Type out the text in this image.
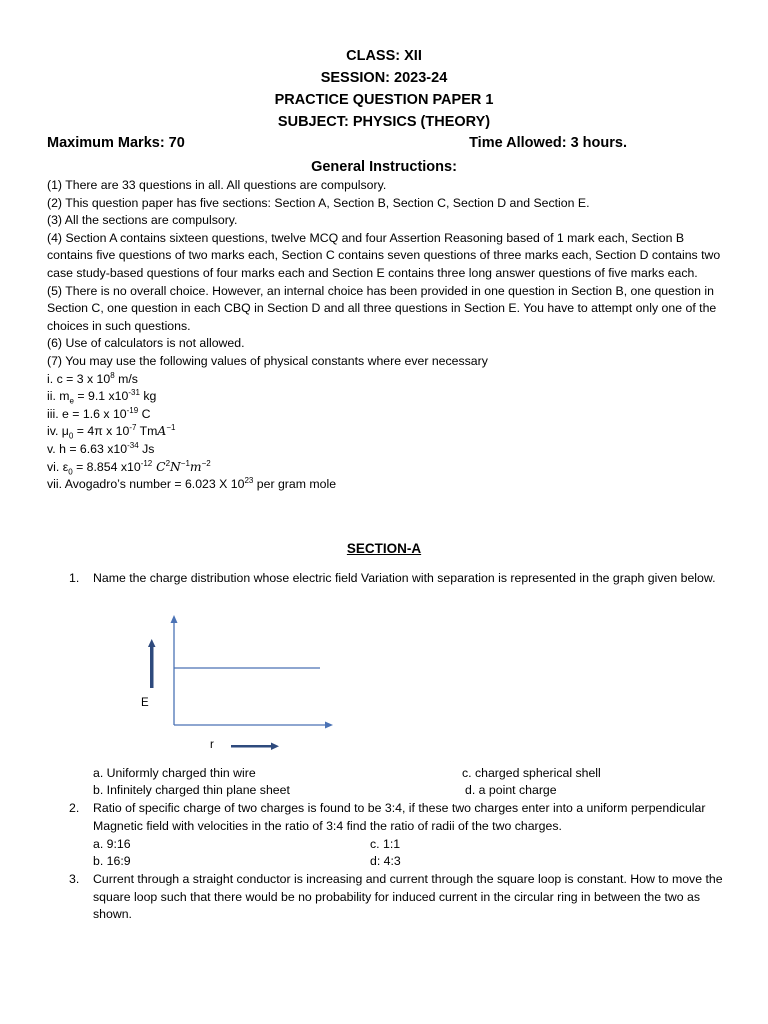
CLASS: XII
SESSION: 2023-24
PRACTICE QUESTION PAPER 1
SUBJECT: PHYSICS (THEORY)
Maximum Marks: 70	Time Allowed: 3 hours.
General Instructions:

(1) There are 33 questions in all. All questions are compulsory.

(2) This question paper has five sections: Section A, Section B, Section C, Section D and Section E.

(3) All the sections are compulsory.

(4) Section A contains sixteen questions, twelve MCQ and four Assertion Reasoning based of 1 mark each, Section B contains five questions of two marks each, Section C contains seven questions of three marks each, Section D contains two case study-based questions of four marks each and Section E contains three long answer questions of five marks each.

(5) There is no overall choice. However, an internal choice has been provided in one question in Section B, one question in Section C, one question in each CBQ in Section D and all three questions in Section E. You have to attempt only one of the choices in such questions.

(6) Use of calculators is not allowed.

(7) You may use the following values of physical constants where ever necessary

i. c = 3 x $10^8$ m/s

ii. $m_e = 9.1$ $x10^{-31}$ kg

iii. e = 1.6 x $10^{-19}$ C

iv. $\mu_0 = 4\pi$ x $10^{-7}$ TmA$^{-1}$

v. h = 6.63 $x10^{-34}$ Js

vi. $\varepsilon_0 = 8.854$ $x10^{-12}$ $C^2N^{-1}m^{-2}$

vii. Avogadro’s number = 6.023 X $10^{23}$ per gram mole

SECTION-A
1. Name the charge distribution whose electric field Variation with separation is represented in the graph given below.
E
r
a. Uniformly charged thin wire	c. charged spherical shell
b. Infinitely charged thin plane sheet	d. a point charge
2. Ratio of specific charge of two charges is found to be 3:4, if these two charges enter into a uniform perpendicular Magnetic field with velocities in the ratio of 3:4 find the ratio of radii of the two charges.
a. 9:16	c. 1:1
b. 16:9	d: 4:3
3. Current through a straight conductor is increasing and current through the square loop is constant. How to move the square loop such that there would be no probability for induced current in the circular ring in between the two as shown.
